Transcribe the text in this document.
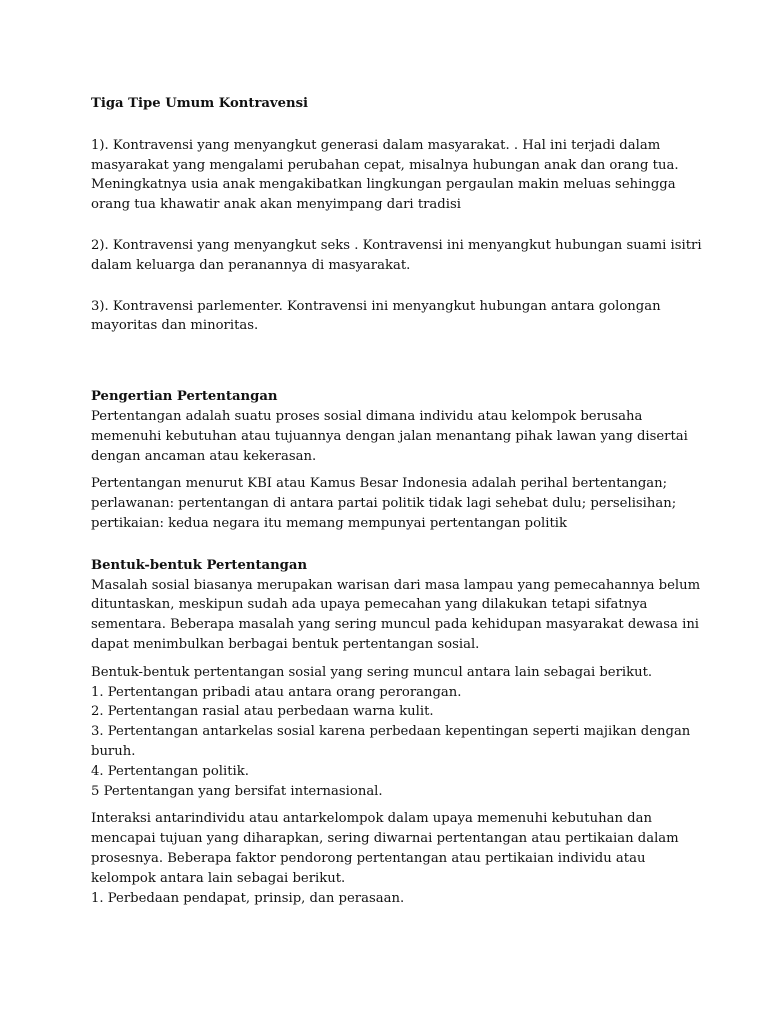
Tiga Tipe Umum Kontravensi

1). Kontravensi yang menyangkut generasi dalam masyarakat. . Hal ini terjadi dalam masyarakat yang mengalami perubahan cepat, misalnya hubungan anak dan orang tua. Meningkatnya usia anak mengakibatkan lingkungan pergaulan makin meluas sehingga orang tua khawatir anak akan menyimpang dari tradisi

2). Kontravensi yang menyangkut seks . Kontravensi ini menyangkut hubungan suami isitri dalam keluarga dan peranannya di masyarakat.

3). Kontravensi parlementer. Kontravensi ini menyangkut hubungan antara golongan mayoritas dan minoritas.

Pengertian Pertentangan

Pertentangan adalah suatu proses sosial dimana individu atau kelompok berusaha memenuhi kebutuhan atau tujuannya dengan jalan menantang pihak lawan yang disertai dengan ancaman atau kekerasan.

Pertentangan menurut KBI atau Kamus Besar Indonesia adalah perihal bertentangan; perlawanan: pertentangan di antara partai politik tidak lagi sehebat dulu; perselisihan; pertikaian: kedua negara itu memang mempunyai pertentangan politik

Bentuk-bentuk Pertentangan

Masalah sosial biasanya merupakan warisan dari masa lampau yang pemecahannya belum dituntaskan, meskipun sudah ada upaya pemecahan yang dilakukan tetapi sifatnya sementara. Beberapa masalah yang sering muncul pada kehidupan masyarakat dewasa ini dapat menimbulkan berbagai bentuk pertentangan sosial.

Bentuk-bentuk pertentangan sosial yang sering muncul antara lain sebagai berikut.

1. Pertentangan pribadi atau antara orang perorangan.

2. Pertentangan rasial atau perbedaan warna kulit.

3. Pertentangan antarkelas sosial karena perbedaan kepentingan seperti majikan dengan buruh.

4. Pertentangan politik.

5 Pertentangan yang bersifat internasional.

Interaksi antarindividu atau antarkelompok dalam upaya memenuhi kebutuhan dan mencapai tujuan yang diharapkan, sering diwarnai pertentangan atau pertikaian dalam prosesnya. Beberapa faktor pendorong pertentangan atau pertikaian individu atau kelompok antara lain sebagai berikut.

1. Perbedaan pendapat, prinsip, dan perasaan.
